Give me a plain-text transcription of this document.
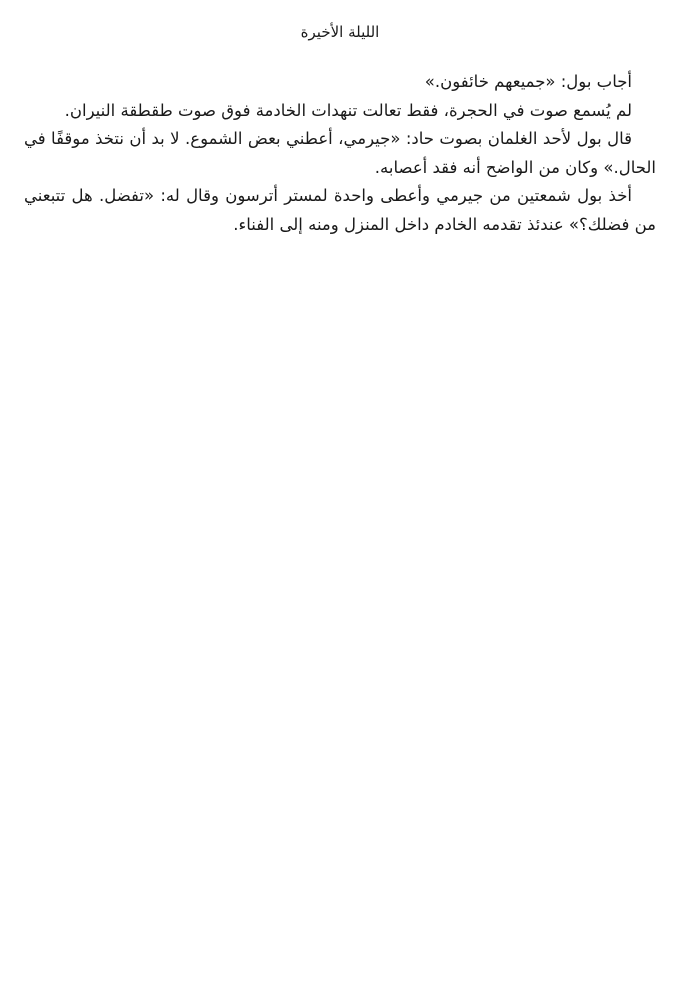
الليلة الأخيرة

أجاب بول: «جميعهم خائفون.»

لم يُسمع صوت في الحجرة، فقط تعالت تنهدات الخادمة فوق صوت طقطقة النيران.

قال بول لأحد الغلمان بصوت حاد: «جيرمي، أعطني بعض الشموع. لا بد أن نتخذ موقفًا في الحال.» وكان من الواضح أنه فقد أعصابه.

أخذ بول شمعتين من جيرمي وأعطى واحدة لمستر أترسون وقال له: «تفضل. هل تتبعني من فضلك؟» عندئذ تقدمه الخادم داخل المنزل ومنه إلى الفناء.
